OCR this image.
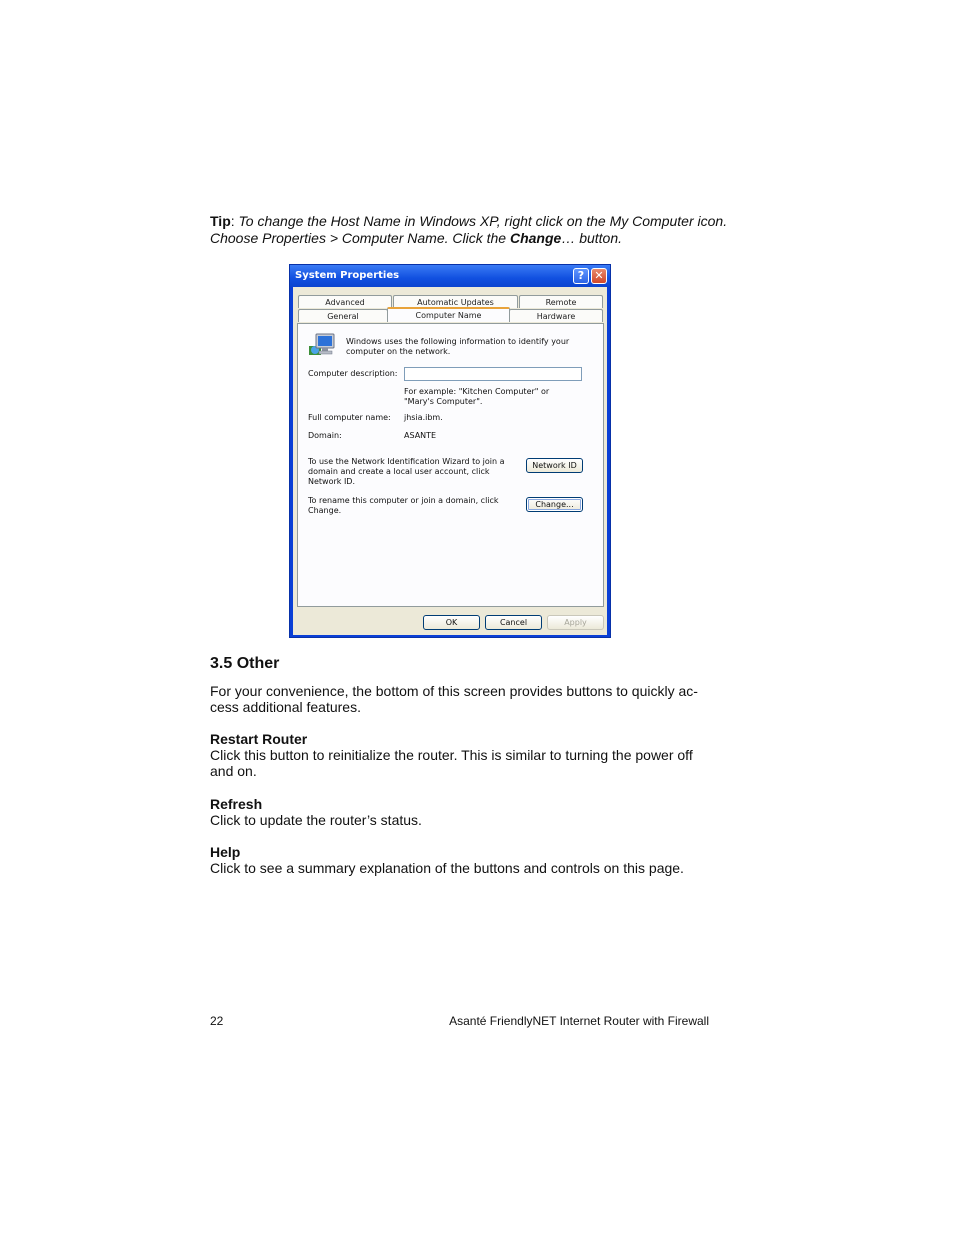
Tip: To change the Host Name in Windows XP, right click on the My Computer icon. Choose Properties > Computer Name. Click the Change… button.
System Properties	? ✕
Advanced	Automatic Updates	Remote
General	Computer Name	Hardware
Windows uses the following information to identify your computer on the network.
Computer description:
For example: "Kitchen Computer" or "Mary's Computer".
Full computer name: jhsia.ibm.
Domain:	ASANTE
To use the Network Identification Wizard to join a domain and create a local user account, click Network ID.
Network ID
To rename this computer or join a domain, click Change.
Change...
OK	Cancel	Apply
3.5 Other
For your convenience, the bottom of this screen provides buttons to quickly ac-cess additional features.
Restart Router
Click this button to reinitialize the router. This is similar to turning the power off and on.
Refresh
Click to update the router’s status.
Help
Click to see a summary explanation of the buttons and controls on this page.
22	Asanté FriendlyNET Internet Router with Firewall
